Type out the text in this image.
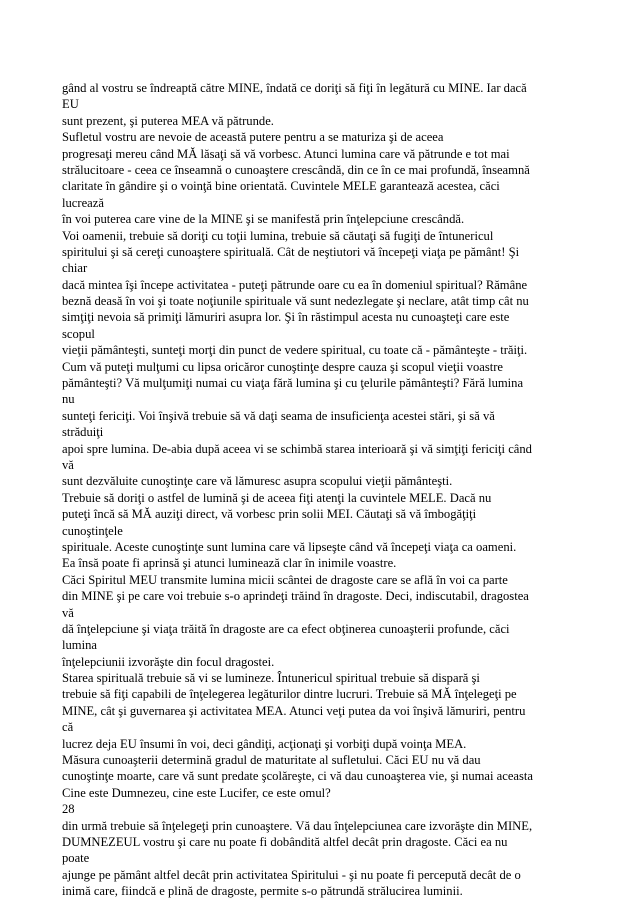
gând al vostru se îndreaptă către MINE, îndată ce doriţi să fiţi în legătură cu MINE. Iar dacă
EU
sunt prezent, şi puterea MEA vă pătrunde.
Sufletul vostru are nevoie de această putere pentru a se maturiza şi de aceea
progresaţi mereu când MĂ lăsaţi să vă vorbesc. Atunci lumina care vă pătrunde e tot mai
strălucitoare - ceea ce înseamnă o cunoaştere crescândă, din ce în ce mai profundă, înseamnă
claritate în gândire şi o voinţă bine orientată. Cuvintele MELE garantează acestea, căci
lucrează
în voi puterea care vine de la MINE şi se manifestă prin înţelepciune crescândă.
Voi oamenii, trebuie să doriţi cu toţii lumina, trebuie să căutaţi să fugiţi de întunericul
spiritului şi să cereţi cunoaştere spirituală. Cât de neştiutori vă începeţi viaţa pe pământ! Şi
chiar
dacă mintea îşi începe activitatea - puteţi pătrunde oare cu ea în domeniul spiritual? Rămâne
beznă deasă în voi şi toate noţiunile spirituale vă sunt nedezlegate şi neclare, atât timp cât nu
simţiţi nevoia să primiţi lămuriri asupra lor. Şi în răstimpul acesta nu cunoaşteţi care este
scopul
vieţii pământeşti, sunteţi morţi din punct de vedere spiritual, cu toate că - pământeşte - trăiţi.
Cum vă puteţi mulţumi cu lipsa oricăror cunoştinţe despre cauza şi scopul vieţii voastre
pământeşti? Vă mulţumiţi numai cu viaţa fără lumina şi cu ţelurile pământeşti? Fără lumina
nu
sunteţi fericiţi. Voi înşivă trebuie să vă daţi seama de insuficienţa acestei stări, şi să vă
străduiţi
apoi spre lumina. De-abia după aceea vi se schimbă starea interioară şi vă simţiţi fericiţi când
vă
sunt dezvăluite cunoştinţe care vă lămuresc asupra scopului vieţii pământeşti.
Trebuie să doriţi o astfel de lumină şi de aceea fiţi atenţi la cuvintele MELE. Dacă nu
puteţi încă să MĂ auziţi direct, vă vorbesc prin solii MEI. Căutaţi să vă îmbogăţiţi
cunoştinţele
spirituale. Aceste cunoştinţe sunt lumina care vă lipseşte când vă începeţi viaţa ca oameni.
Ea însă poate fi aprinsă şi atunci luminează clar în inimile voastre.
Căci Spiritul MEU transmite lumina micii scântei de dragoste care se află în voi ca parte
din MINE şi pe care voi trebuie s-o aprindeţi trăind în dragoste. Deci, indiscutabil, dragostea
vă
dă înţelepciune şi viaţa trăită în dragoste are ca efect obţinerea cunoaşterii profunde, căci
lumina
înţelepciunii izvorăşte din focul dragostei.
Starea spirituală trebuie să vi se lumineze. Întunericul spiritual trebuie să dispară şi
trebuie să fiţi capabili de înţelegerea legăturilor dintre lucruri. Trebuie să MĂ înţelegeţi pe
MINE, cât şi guvernarea şi activitatea MEA. Atunci veţi putea da voi înşivă lămuriri, pentru
că
lucrez deja EU însumi în voi, deci gândiţi, acţionaţi şi vorbiţi după voinţa MEA.
Măsura cunoaşterii determină gradul de maturitate al sufletului. Căci EU nu vă dau
cunoştinţe moarte, care vă sunt predate şcolăreşte, ci vă dau cunoaşterea vie, şi numai aceasta
Cine este Dumnezeu, cine este Lucifer, ce este omul?
28
din urmă trebuie să înţelegeţi prin cunoaştere. Vă dau înţelepciunea care izvorăşte din MINE,
DUMNEZEUL vostru şi care nu poate fi dobândită altfel decât prin dragoste. Căci ea nu
poate
ajunge pe pământ altfel decât prin activitatea Spiritului - şi nu poate fi percepută decât de o
inimă care, fiindcă e plină de dragoste, permite s-o pătrundă strălucirea luminii.
